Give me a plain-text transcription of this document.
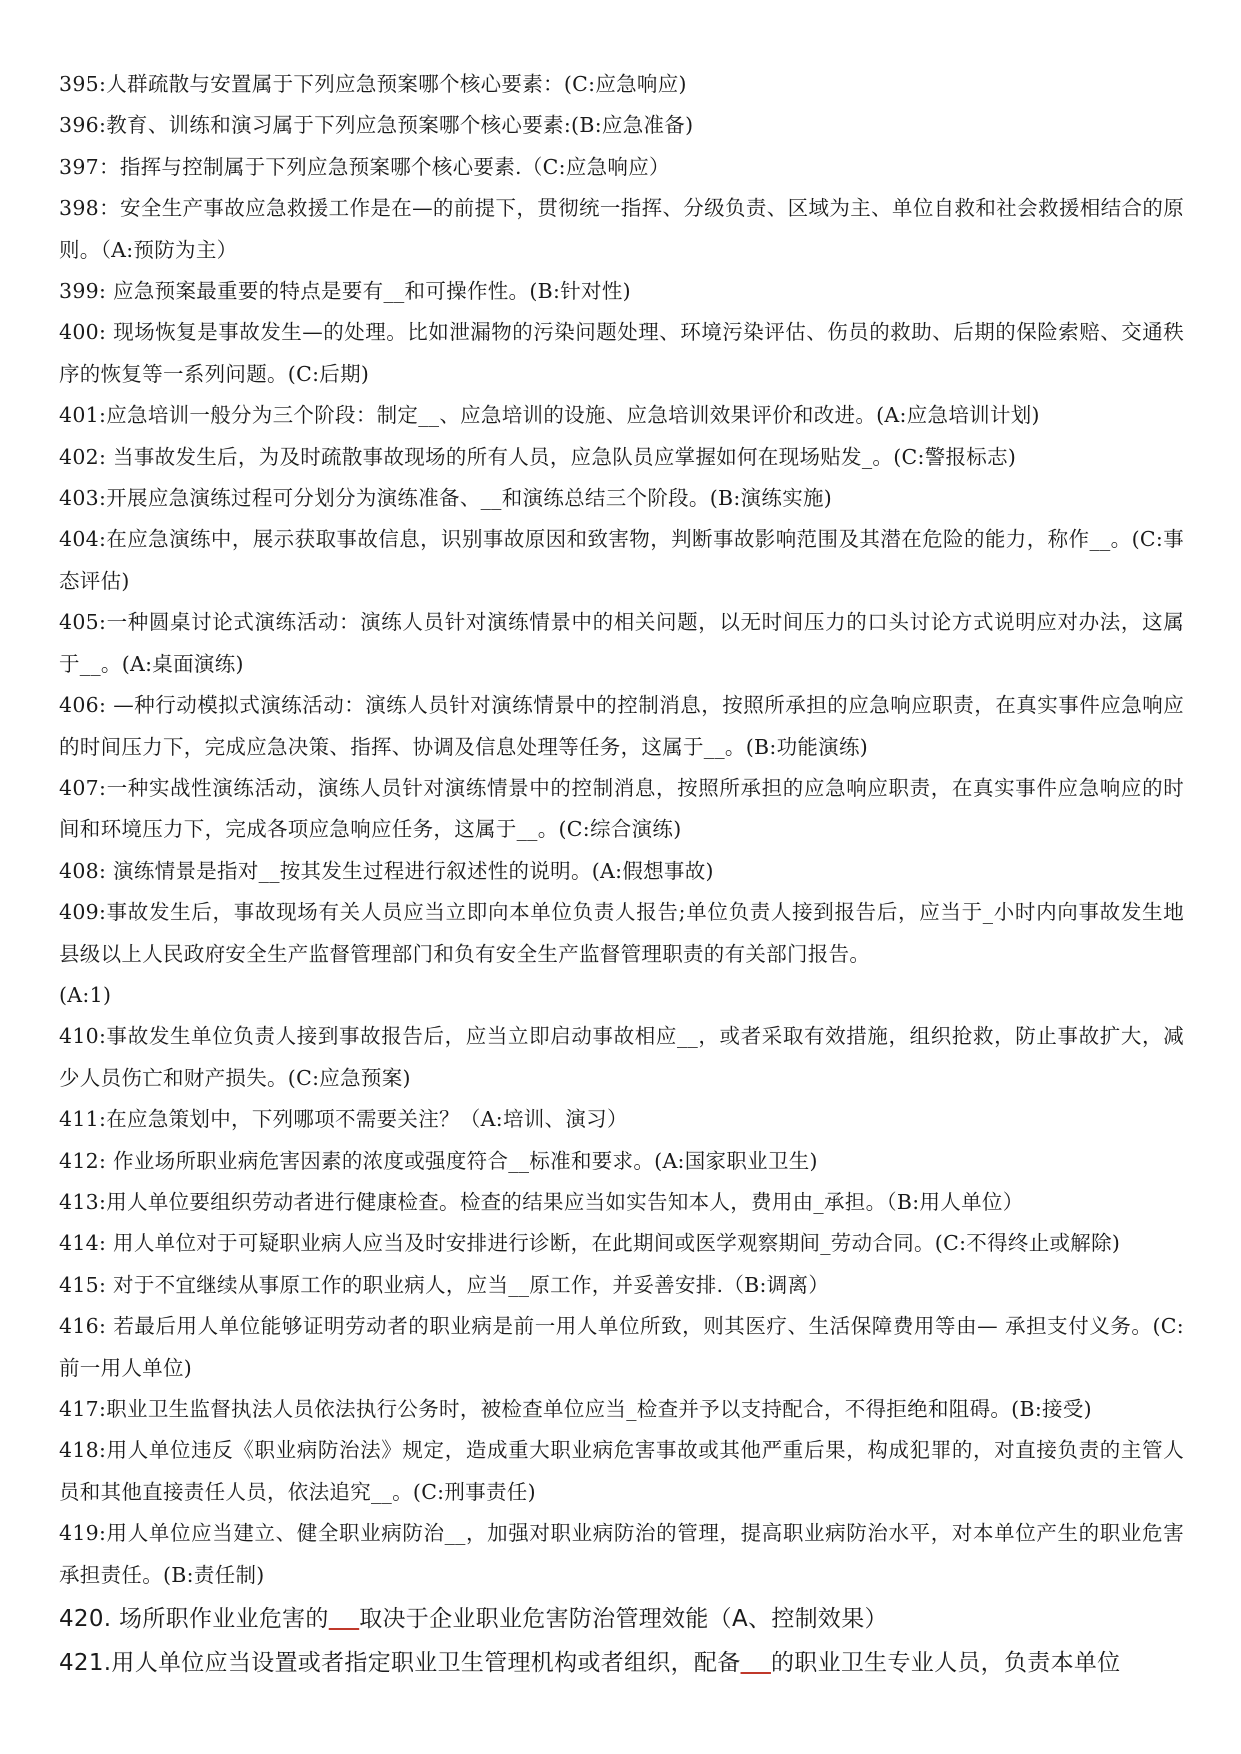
395:人群疏散与安置属于下列应急预案哪个核心要素：(C:应急响应)
396:教育、训练和演习属于下列应急预案哪个核心要素:(B:应急准备)
397：指挥与控制属于下列应急预案哪个核心要素.（C:应急响应）
398：安全生产事故应急救援工作是在—的前提下，贯彻统一指挥、分级负责、区域为主、单位自救和社会救援相结合的原则。（A:预防为主）
399: 应急预案最重要的特点是要有__和可操作性。(B:针对性)
400: 现场恢复是事故发生—的处理。比如泄漏物的污染问题处理、环境污染评估、伤员的救助、后期的保险索赔、交通秩序的恢复等一系列问题。(C:后期)
401:应急培训一般分为三个阶段：制定__、应急培训的设施、应急培训效果评价和改进。(A:应急培训计划)
402: 当事故发生后，为及时疏散事故现场的所有人员，应急队员应掌握如何在现场贴发_。(C:警报标志)
403:开展应急演练过程可分划分为演练准备、__和演练总结三个阶段。(B:演练实施)
404:在应急演练中，展示获取事故信息，识别事故原因和致害物，判断事故影响范围及其潜在危险的能力，称作__。(C:事态评估)
405:一种圆桌讨论式演练活动：演练人员针对演练情景中的相关问题，以无时间压力的口头讨论方式说明应对办法，这属于__。(A:桌面演练)
406: —种行动模拟式演练活动：演练人员针对演练情景中的控制消息，按照所承担的应急响应职责，在真实事件应急响应的时间压力下，完成应急决策、指挥、协调及信息处理等任务，这属于__。(B:功能演练)
407:一种实战性演练活动，演练人员针对演练情景中的控制消息，按照所承担的应急响应职责，在真实事件应急响应的时间和环境压力下，完成各项应急响应任务，这属于__。(C:综合演练)
408: 演练情景是指对__按其发生过程进行叙述性的说明。(A:假想事故)
409:事故发生后，事故现场有关人员应当立即向本单位负责人报告;单位负责人接到报告后，应当于_小时内向事故发生地县级以上人民政府安全生产监督管理部门和负有安全生产监督管理职责的有关部门报告。
(A:1)
410:事故发生单位负责人接到事故报告后，应当立即启动事故相应__，或者采取有效措施，组织抢救，防止事故扩大，减少人员伤亡和财产损失。(C:应急预案)
411:在应急策划中，下列哪项不需要关注？（A:培训、演习）
412: 作业场所职业病危害因素的浓度或强度符合__标准和要求。(A:国家职业卫生)
413:用人单位要组织劳动者进行健康检查。检查的结果应当如实告知本人，费用由_承担。（B:用人单位）
414: 用人单位对于可疑职业病人应当及时安排进行诊断，在此期间或医学观察期间_劳动合同。(C:不得终止或解除)
415: 对于不宜继续从事原工作的职业病人，应当__原工作，并妥善安排.（B:调离）
416: 若最后用人单位能够证明劳动者的职业病是前一用人单位所致，则其医疗、生活保障费用等由— 承担支付义务。(C:前一用人单位)
417:职业卫生监督执法人员依法执行公务时，被检查单位应当_检查并予以支持配合，不得拒绝和阻碍。(B:接受)
418:用人单位违反《职业病防治法》规定，造成重大职业病危害事故或其他严重后果，构成犯罪的，对直接负责的主管人员和其他直接责任人员，依法追究__。(C:刑事责任)
419:用人单位应当建立、健全职业病防治__，加强对职业病防治的管理，提高职业病防治水平，对本单位产生的职业危害承担责任。(B:责任制)
420. 场所职作业业危害的 取决于企业职业危害防治管理效能（A、控制效果）
421.用人单位应当设置或者指定职业卫生管理机构或者组织，配备 的职业卫生专业人员，负责本单位
